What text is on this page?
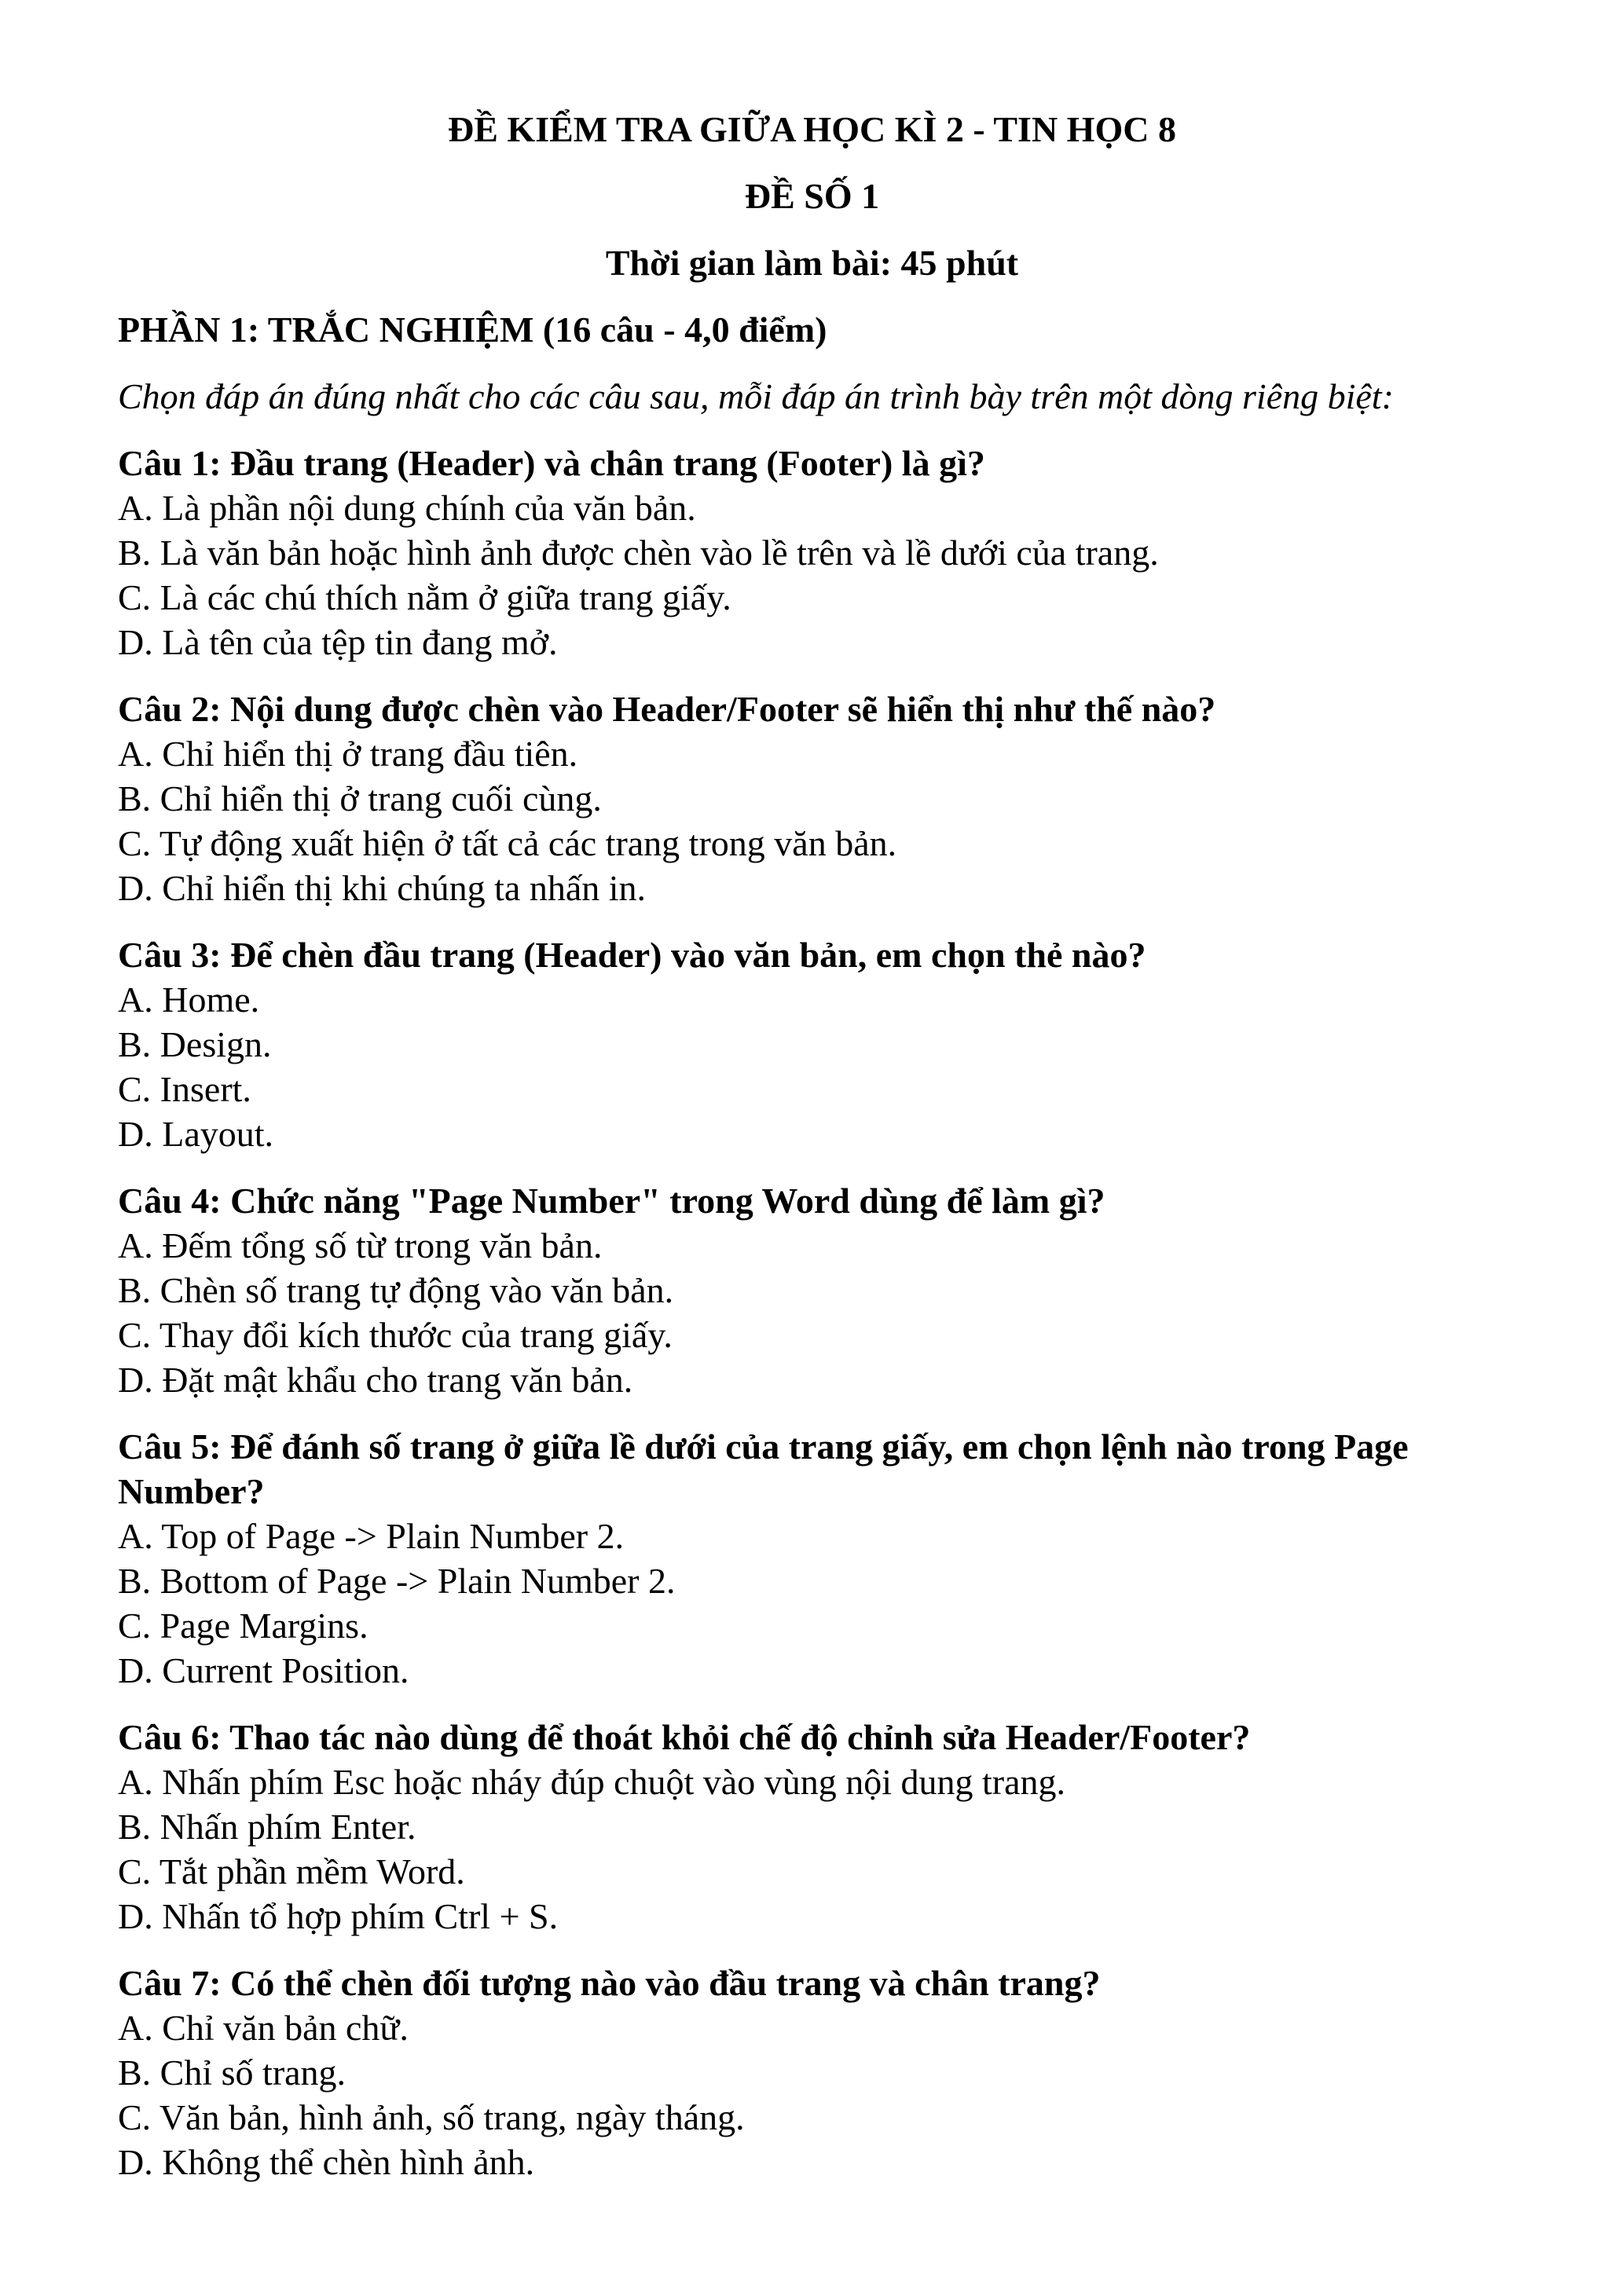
ĐỀ KIỂM TRA GIỮA HỌC KÌ 2 - TIN HỌC 8

ĐỀ SỐ 1

Thời gian làm bài: 45 phút

PHẦN 1: TRẮC NGHIỆM (16 câu - 4,0 điểm)

Chọn đáp án đúng nhất cho các câu sau, mỗi đáp án trình bày trên một dòng riêng biệt:

Câu 1: Đầu trang (Header) và chân trang (Footer) là gì?

A. Là phần nội dung chính của văn bản.

B. Là văn bản hoặc hình ảnh được chèn vào lề trên và lề dưới của trang.

C. Là các chú thích nằm ở giữa trang giấy.

D. Là tên của tệp tin đang mở.

Câu 2: Nội dung được chèn vào Header/Footer sẽ hiển thị như thế nào?

A. Chỉ hiển thị ở trang đầu tiên.

B. Chỉ hiển thị ở trang cuối cùng.

C. Tự động xuất hiện ở tất cả các trang trong văn bản.

D. Chỉ hiển thị khi chúng ta nhấn in.

Câu 3: Để chèn đầu trang (Header) vào văn bản, em chọn thẻ nào?

A. Home.

B. Design.

C. Insert.

D. Layout.

Câu 4: Chức năng "Page Number" trong Word dùng để làm gì?

A. Đếm tổng số từ trong văn bản.

B. Chèn số trang tự động vào văn bản.

C. Thay đổi kích thước của trang giấy.

D. Đặt mật khẩu cho trang văn bản.

Câu 5: Để đánh số trang ở giữa lề dưới của trang giấy, em chọn lệnh nào trong Page Number?

A. Top of Page -> Plain Number 2.

B. Bottom of Page -> Plain Number 2.

C. Page Margins.

D. Current Position.

Câu 6: Thao tác nào dùng để thoát khỏi chế độ chỉnh sửa Header/Footer?

A. Nhấn phím Esc hoặc nháy đúp chuột vào vùng nội dung trang.

B. Nhấn phím Enter.

C. Tắt phần mềm Word.

D. Nhấn tổ hợp phím Ctrl + S.

Câu 7: Có thể chèn đối tượng nào vào đầu trang và chân trang?

A. Chỉ văn bản chữ.

B. Chỉ số trang.

C. Văn bản, hình ảnh, số trang, ngày tháng.

D. Không thể chèn hình ảnh.
